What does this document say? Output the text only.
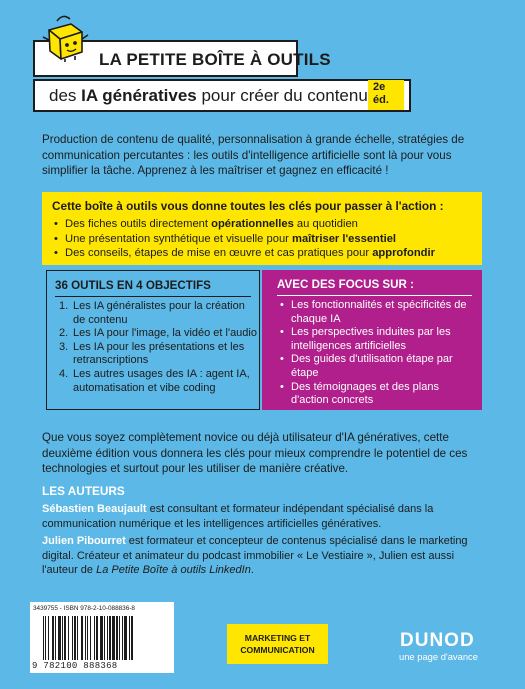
LA PETITE BOÎTE À OUTILS
des IA génératives pour créer du contenu 2e
éd.

Production de contenu de qualité, personnalisation à grande échelle, stratégies de communication percutantes : les outils d'intelligence artificielle sont là pour vous simplifier la tâche. Apprenez à les maîtriser et gagnez en efficacité !

Cette boîte à outils vous donne toutes les clés pour passer à l'action :
• Des fiches outils directement opérationnelles au quotidien
• Une présentation synthétique et visuelle pour maîtriser l'essentiel
• Des conseils, étapes de mise en œuvre et cas pratiques pour approfondir
36 OUTILS EN 4 OBJECTIFS
1. Les IA généralistes pour la création de contenu
2. Les IA pour l'image, la vidéo et l'audio
3. Les IA pour les présentations et les retranscriptions
4. Les autres usages des IA : agent IA, automatisation et vibe coding
AVEC DES FOCUS SUR :
• Les fonctionnalités et spécificités de chaque IA
• Les perspectives induites par les intelligences artificielles
• Des guides d'utilisation étape par étape
• Des témoignages et des plans d'action concrets

Que vous soyez complètement novice ou déjà utilisateur d'IA génératives, cette deuxième édition vous donnera les clés pour mieux comprendre le potentiel de ces technologies et surtout pour les utiliser de manière créative.

LES AUTEURS

Sébastien Beaujault est consultant et formateur indépendant spécialisé dans la communication numérique et les intelligences artificielles génératives.

Julien Pibourret est formateur et concepteur de contenus spécialisé dans le marketing digital. Créateur et animateur du podcast immobilier « Le Vestiaire », Julien est aussi l'auteur de La Petite Boîte à outils LinkedIn.

3439755 - ISBN 978-2-10-088836-8
9 782100 888368
MARKETING ET
COMMUNICATION	DUNOD
une page d'avance
